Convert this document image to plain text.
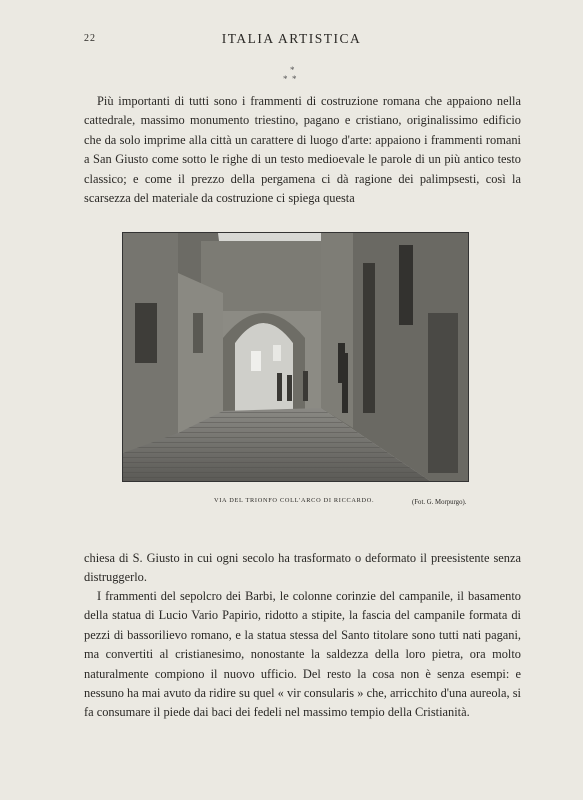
22	ITALIA ARTISTICA
*
*  *

Più importanti di tutti sono i frammenti di costruzione romana che appaiono nella cattedrale, massimo monumento triestino, pagano e cristiano, originalissimo edificio che da solo imprime alla città un carattere di luogo d'arte: appaiono i frammenti romani a San Giusto come sotto le righe di un testo medioevale le parole di un più antico testo classico; e come il prezzo della pergamena ci dà ragione dei palimpsesti, così la scarsezza del materiale da costruzione ci spiega questa

VIA DEL TRIONFO COLL'ARCO DI RICCARDO.	(Fot. G. Morpurgo).

chiesa di S. Giusto in cui ogni secolo ha trasformato o deformato il preesistente senza distruggerlo.

I frammenti del sepolcro dei Barbi, le colonne corinzie del campanile, il basamento della statua di Lucio Vario Papirio, ridotto a stipite, la fascia del campanile formata di pezzi di bassorilievo romano, e la statua stessa del Santo titolare sono tutti nati pagani, ma convertiti al cristianesimo, nonostante la saldezza della loro pietra, ora molto naturalmente compiono il nuovo ufficio. Del resto la cosa non è senza esempi: e nessuno ha mai avuto da ridire su quel « vir consularis » che, arricchito d'una aureola, si fa consumare il piede dai baci dei fedeli nel massimo tempio della Cristianità.
